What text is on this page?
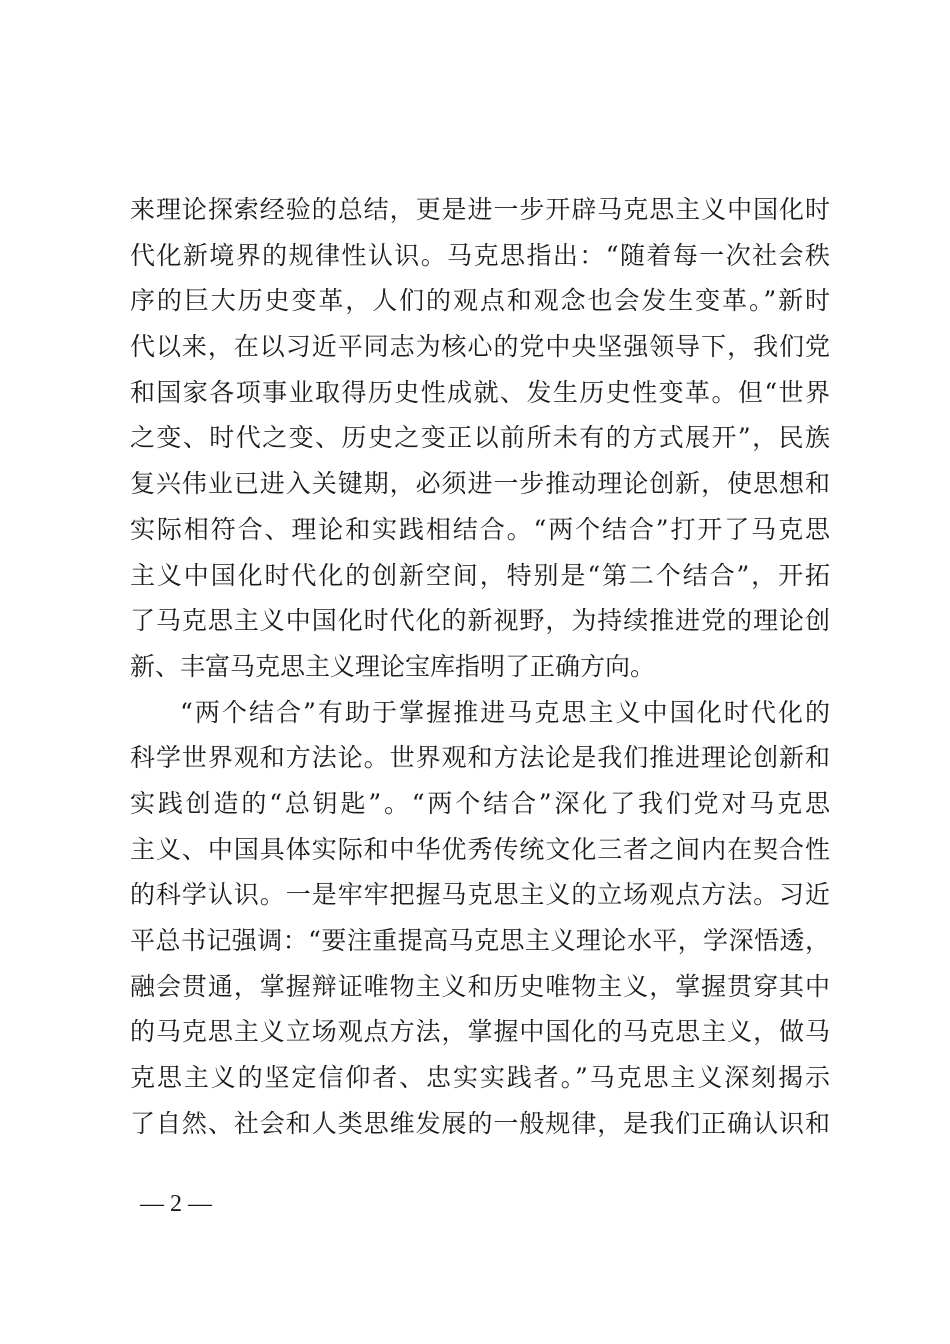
来理论探索经验的总结，更是进一步开辟马克思主义中国化时
代化新境界的规律性认识。马克思指出：“随着每一次社会秩
序的巨大历史变革，人们的观点和观念也会发生变革。”新时
代以来，在以习近平同志为核心的党中央坚强领导下，我们党
和国家各项事业取得历史性成就、发生历史性变革。但“世界
之变、时代之变、历史之变正以前所未有的方式展开”，民族
复兴伟业已进入关键期，必须进一步推动理论创新，使思想和
实际相符合、理论和实践相结合。“两个结合”打开了马克思
主义中国化时代化的创新空间，特别是“第二个结合”，开拓
了马克思主义中国化时代化的新视野，为持续推进党的理论创
新、丰富马克思主义理论宝库指明了正确方向。
“两个结合”有助于掌握推进马克思主义中国化时代化的
科学世界观和方法论。世界观和方法论是我们推进理论创新和
实践创造的“总钥匙”。“两个结合”深化了我们党对马克思
主义、中国具体实际和中华优秀传统文化三者之间内在契合性
的科学认识。一是牢牢把握马克思主义的立场观点方法。习近
平总书记强调：“要注重提高马克思主义理论水平，学深悟透，
融会贯通，掌握辩证唯物主义和历史唯物主义，掌握贯穿其中
的马克思主义立场观点方法，掌握中国化的马克思主义，做马
克思主义的坚定信仰者、忠实实践者。”马克思主义深刻揭示
了自然、社会和人类思维发展的一般规律，是我们正确认识和
— 2 —
